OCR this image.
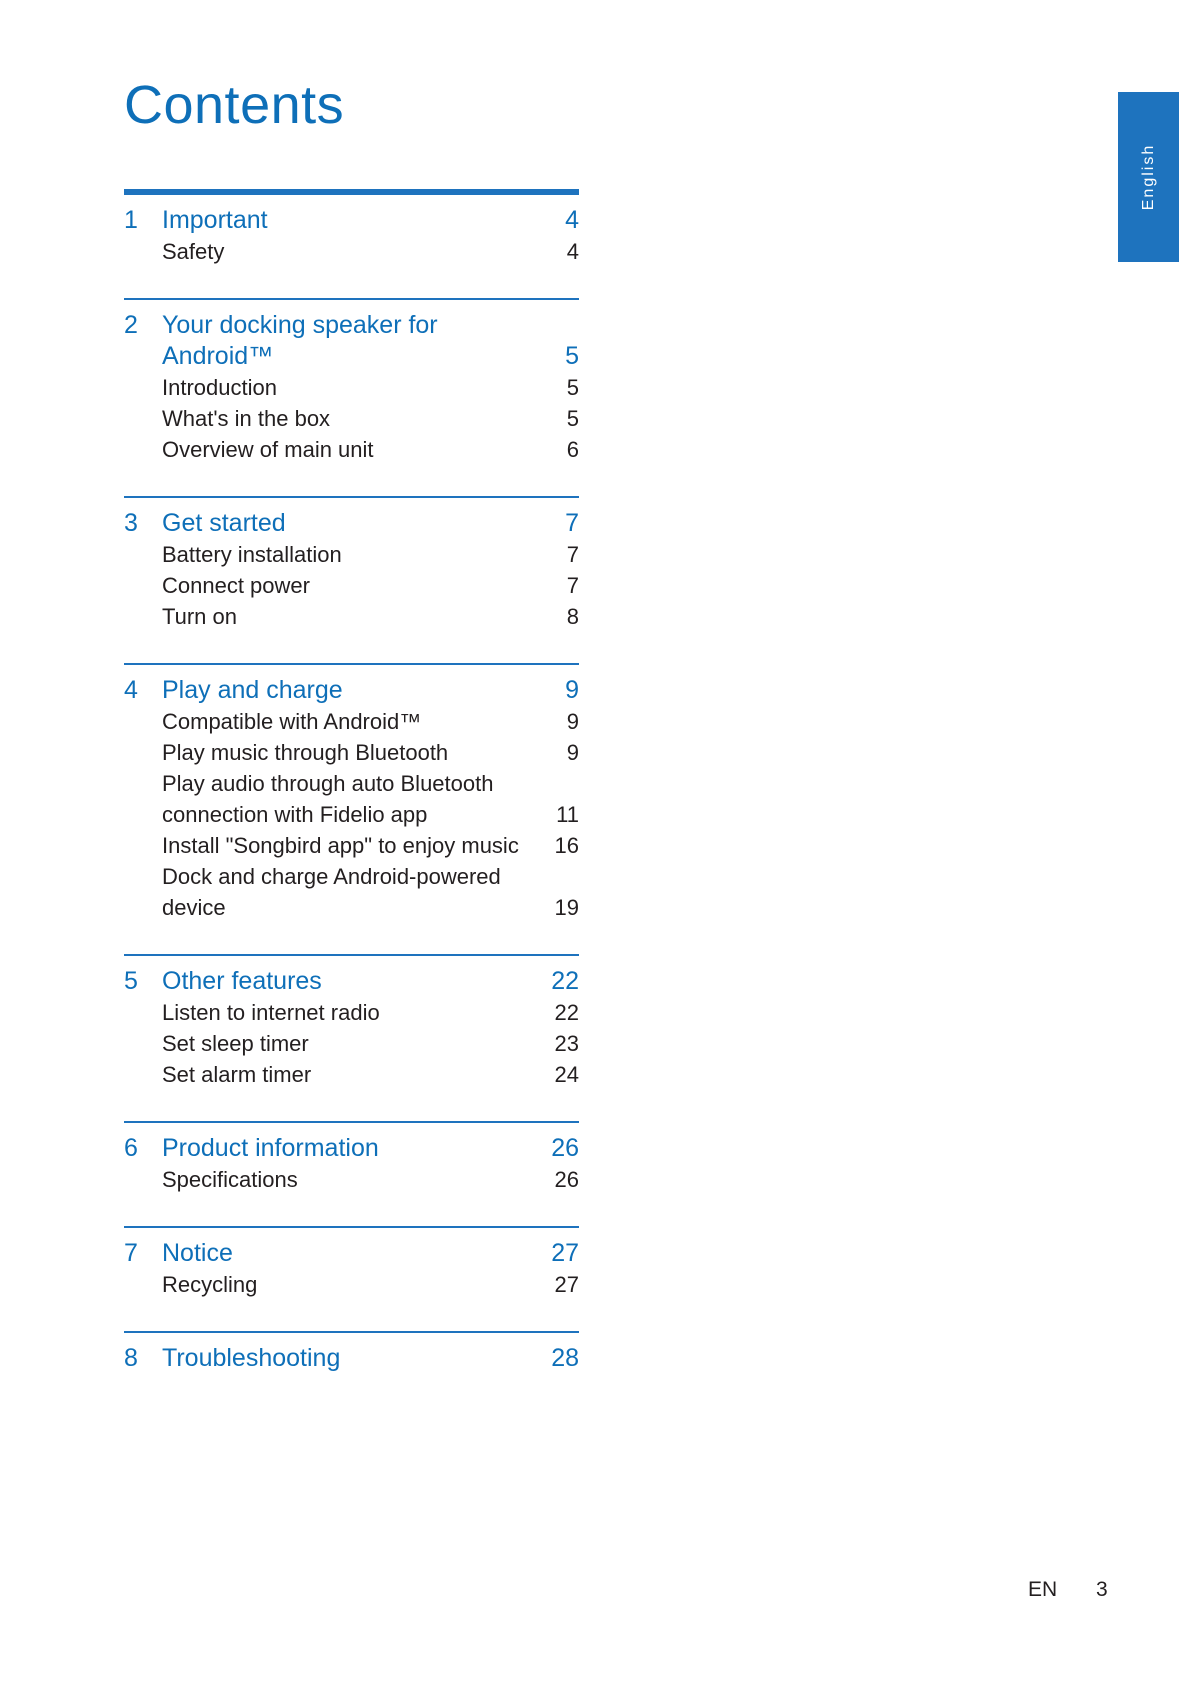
Contents
English
1 Important	4
Safety	4
2 Your docking speaker for Android™	5
Introduction	5
What's in the box	5
Overview of main unit	6
3 Get started	7
Battery installation	7
Connect power	7
Turn on	8
4 Play and charge	9
Compatible with Android™	9
Play music through Bluetooth	9
Play audio through auto Bluetooth connection with Fidelio app	11
Install "Songbird app" to enjoy music	16
Dock and charge Android-powered device	19
5 Other features	22
Listen to internet radio	22
Set sleep timer	23
Set alarm timer	24
6 Product information	26
Specifications	26
7 Notice	27
Recycling	27
8 Troubleshooting	28
EN 3
